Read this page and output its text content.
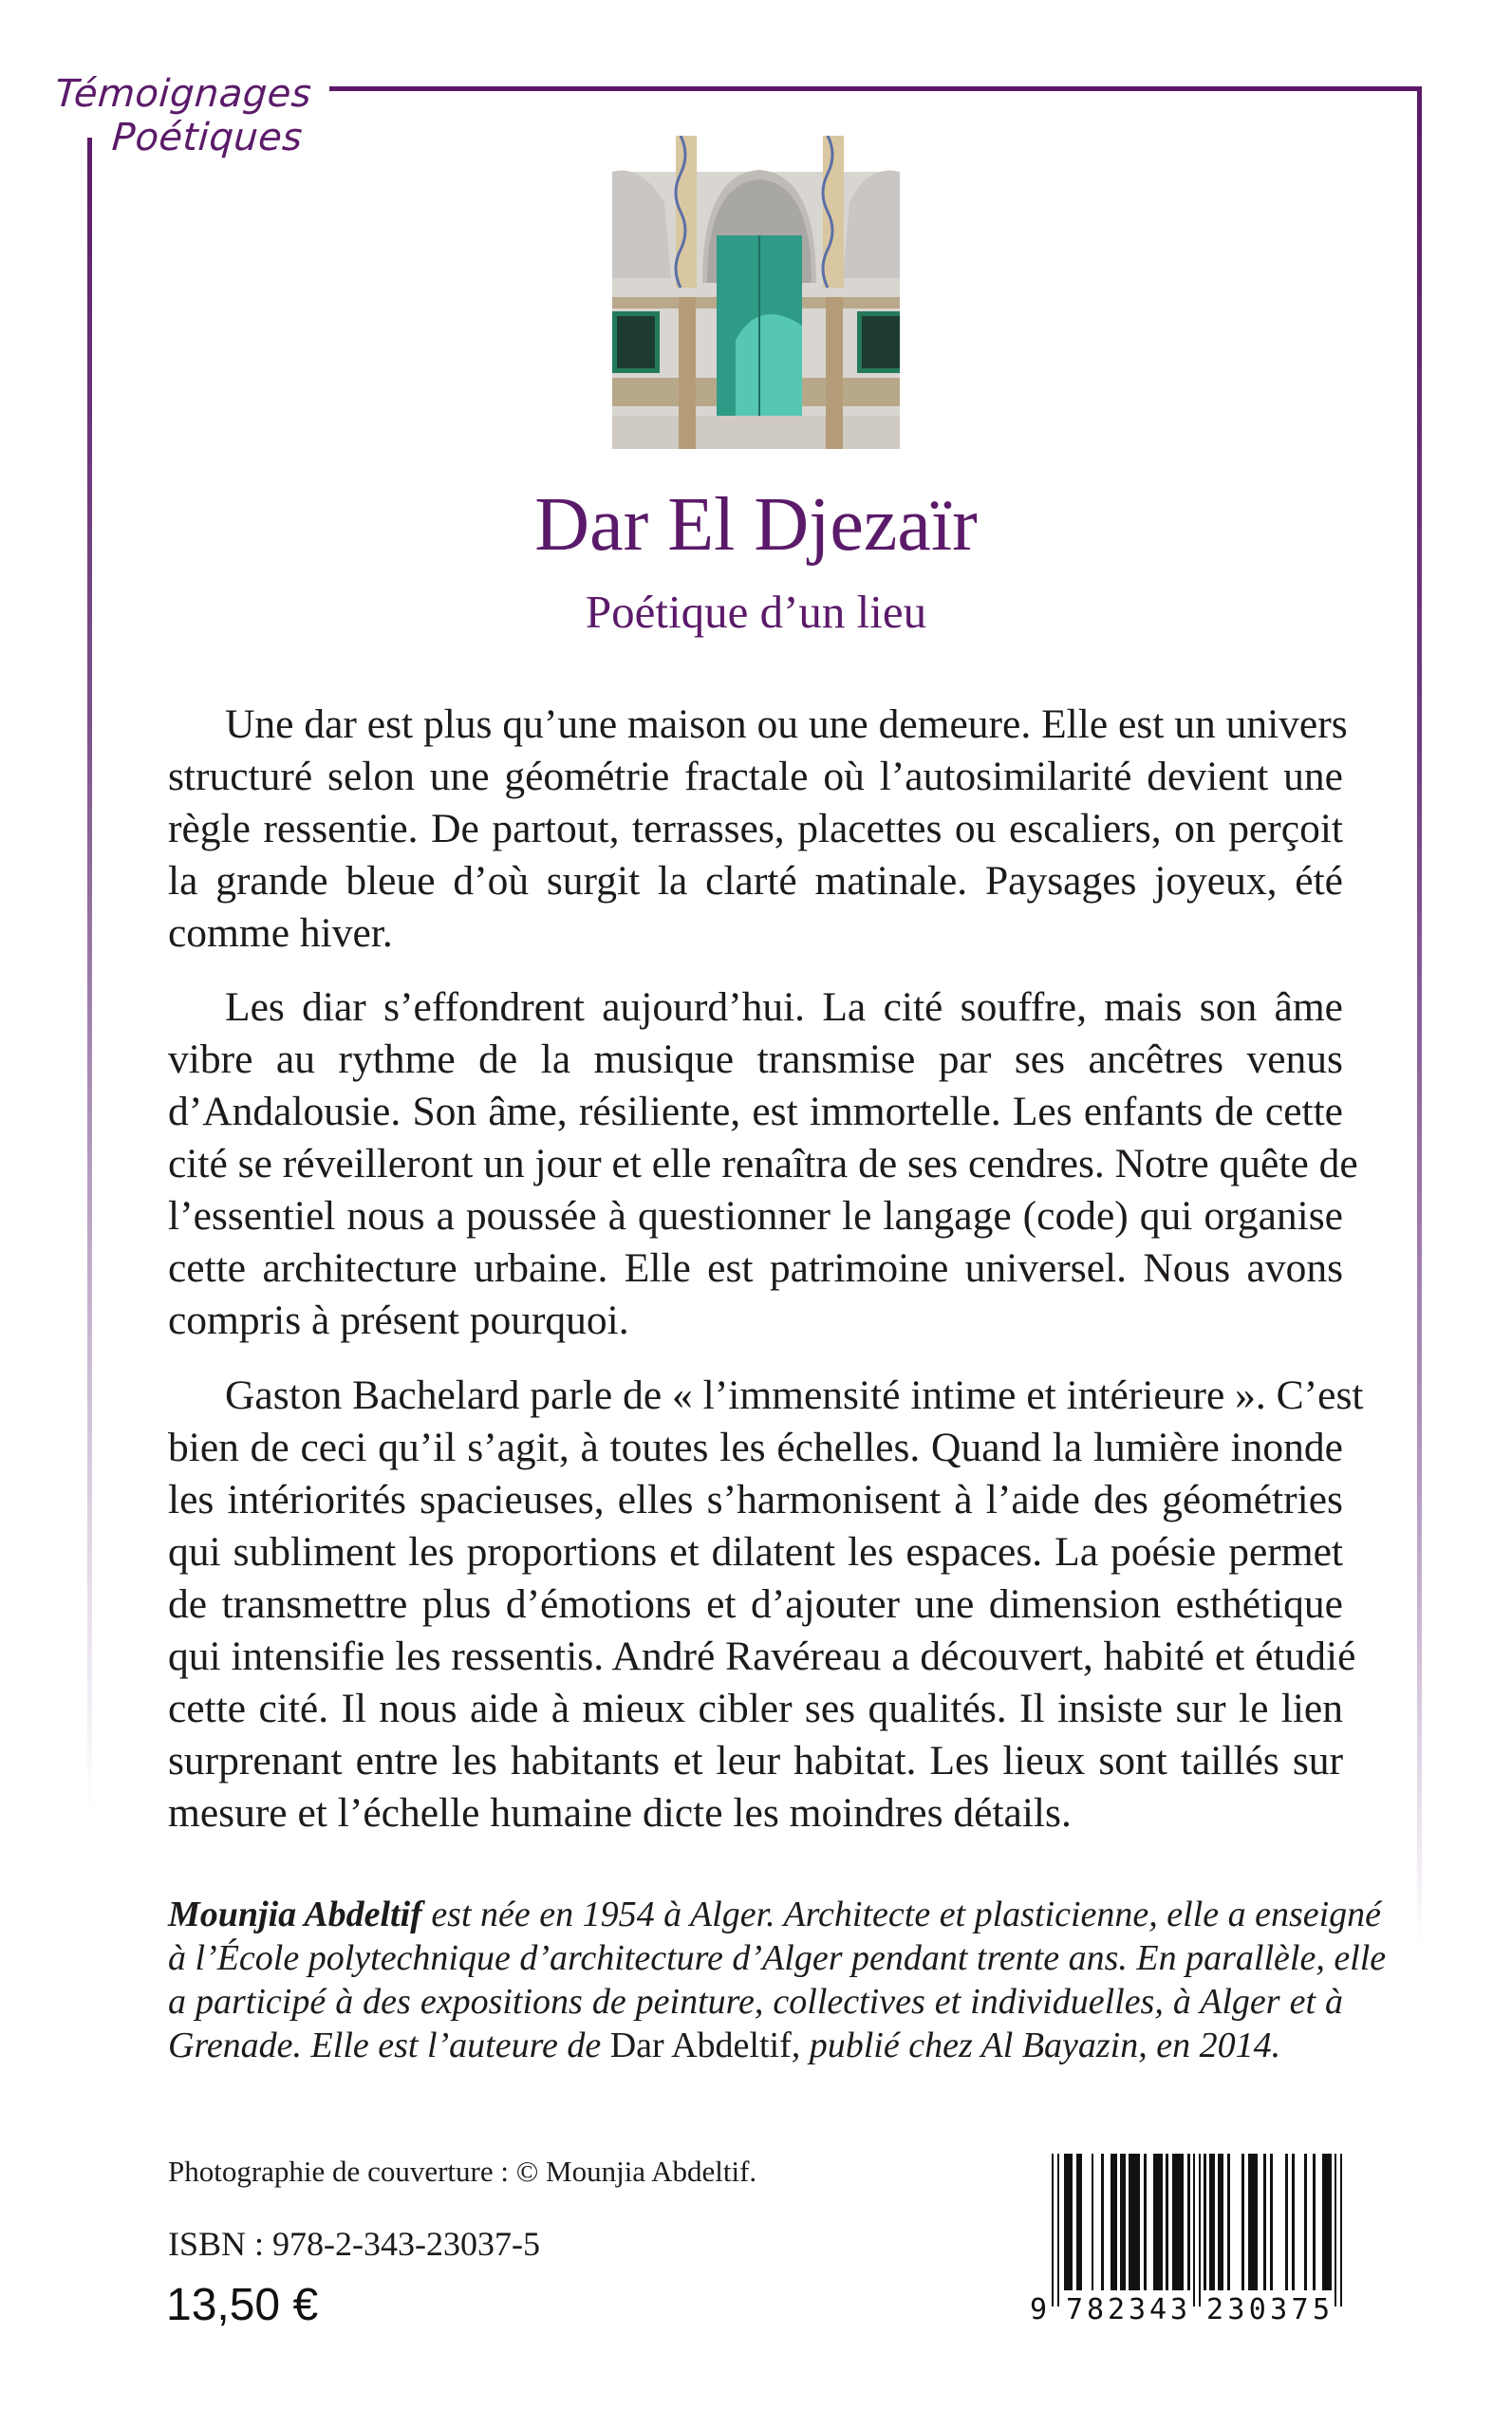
Témoignages
Poétiques
Dar El Djezaïr
Poétique d’un lieu
Une dar est plus qu’une maison ou une demeure. Elle est un univers
structuré selon une géométrie fractale où l’autosimilarité devient une
règle ressentie. De partout, terrasses, placettes ou escaliers, on perçoit
la grande bleue d’où surgit la clarté matinale. Paysages joyeux, été
comme hiver.
Les diar s’effondrent aujourd’hui. La cité souffre, mais son âme
vibre au rythme de la musique transmise par ses ancêtres venus
d’Andalousie. Son âme, résiliente, est immortelle. Les enfants de cette
cité se réveilleront un jour et elle renaîtra de ses cendres. Notre quête de
l’essentiel nous a poussée à questionner le langage (code) qui organise
cette architecture urbaine. Elle est patrimoine universel. Nous avons
compris à présent pourquoi.
Gaston Bachelard parle de « l’immensité intime et intérieure ». C’est
bien de ceci qu’il s’agit, à toutes les échelles. Quand la lumière inonde
les intériorités spacieuses, elles s’harmonisent à l’aide des géométries
qui subliment les proportions et dilatent les espaces. La poésie permet
de transmettre plus d’émotions et d’ajouter une dimension esthétique
qui intensifie les ressentis. André Ravéreau a découvert, habité et étudié
cette cité. Il nous aide à mieux cibler ses qualités. Il insiste sur le lien
surprenant entre les habitants et leur habitat. Les lieux sont taillés sur
mesure et l’échelle humaine dicte les moindres détails.
Mounjia Abdeltif est née en 1954 à Alger. Architecte et plasticienne, elle a enseigné
à l’École polytechnique d’architecture d’Alger pendant trente ans. En parallèle, elle
a participé à des expositions de peinture, collectives et individuelles, à Alger et à
Grenade. Elle est l’auteure de Dar Abdeltif, publié chez Al Bayazin, en 2014.
Photographie de couverture : © Mounjia Abdeltif.
ISBN : 978-2-343-23037-5
13,50 €	9 782343 230375
